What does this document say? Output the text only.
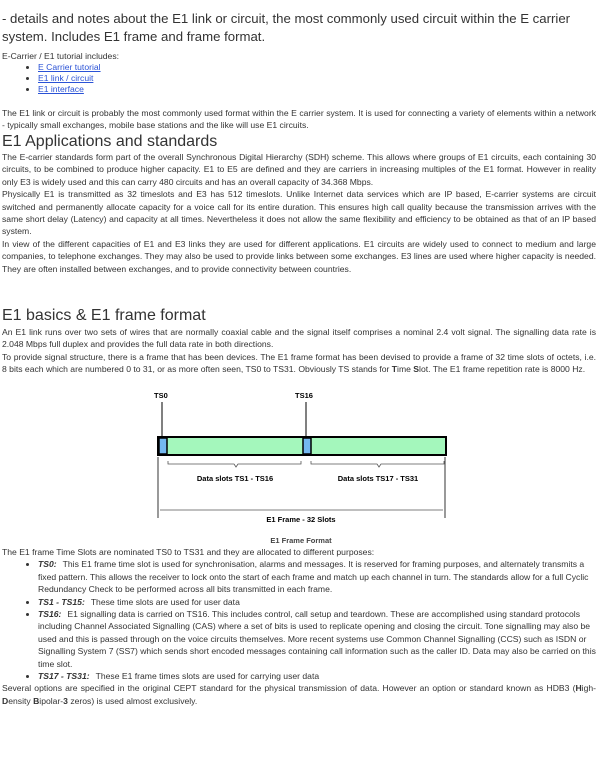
- details and notes about the E1 link or circuit, the most commonly used circuit within the E carrier system. Includes E1 frame and frame format.
E-Carrier / E1 tutorial includes:
• E Carrier tutorial
• E1 link / circuit
• E1 interface
The E1 link or circuit is probably the most commonly used format within the E carrier system. It is used for connecting a variety of elements within a network - typically small exchanges, mobile base stations and the like will use E1 circuits.
E1 Applications and standards
The E-carrier standards form part of the overall Synchronous Digital Hierarchy (SDH) scheme. This allows where groups of E1 circuits, each containing 30 circuits, to be combined to produce higher capacity. E1 to E5 are defined and they are carriers in increasing multiples of the E1 format. However in reality only E3 is widely used and this can carry 480 circuits and has an overall capacity of 34.368 Mbps.
Physically E1 is transmitted as 32 timeslots and E3 has 512 timeslots. Unlike Internet data services which are IP based, E-carrier systems are circuit switched and permanently allocate capacity for a voice call for its entire duration. This ensures high call quality because the transmission arrives with the same short delay (Latency) and capacity at all times. Nevertheless it does not allow the same flexibility and efficiency to be obtained as that of an IP based system.
In view of the different capacities of E1 and E3 links they are used for different applications. E1 circuits are widely used to connect to medium and large companies, to telephone exchanges. They may also be used to provide links between some exchanges. E3 lines are used where higher capacity is needed. They are often installed between exchanges, and to provide connectivity between countries.
E1 basics & E1 frame format
An E1 link runs over two sets of wires that are normally coaxial cable and the signal itself comprises a nominal 2.4 volt signal. The signalling data rate is 2.048 Mbps full duplex and provides the full data rate in both directions.
To provide signal structure, there is a frame that has been devices. The E1 frame format has been devised to provide a frame of 32 time slots of octets, i.e. 8 bits each which are numbered 0 to 31, or as more often seen, TS0 to TS31. Obviously TS stands for Time Slot. The E1 frame repetition rate is 8000 Hz.
TS0	TS16
Data slots TS1 - TS16	Data slots TS17 - TS31
E1 Frame - 32 Slots
E1 Frame Format
The E1 frame Time Slots are nominated TS0 to TS31 and they are allocated to different purposes:
• TS0: This E1 frame time slot is used for synchronisation, alarms and messages. It is reserved for framing purposes, and alternately transmits a fixed pattern. This allows the receiver to lock onto the start of each frame and match up each channel in turn. The standards allow for a full Cyclic Redundancy Check to be performed across all bits transmitted in each frame.
• TS1 - TS15: These time slots are used for user data
• TS16: E1 signalling data is carried on TS16. This includes control, call setup and teardown. These are accomplished using standard protocols including Channel Associated Signalling (CAS) where a set of bits is used to replicate opening and closing the circuit. Tone signalling may also be used and this is passed through on the voice circuits themselves. More recent systems use Common Channel Signalling (CCS) such as ISDN or Signalling System 7 (SS7) which sends short encoded messages containing call information such as the caller ID. Data may also be carried on this time slot.
• TS17 - TS31: These E1 frame times slots are used for carrying user data
Several options are specified in the original CEPT standard for the physical transmission of data. However an option or standard known as HDB3 (High-Density Bipolar-3 zeros) is used almost exclusively.
